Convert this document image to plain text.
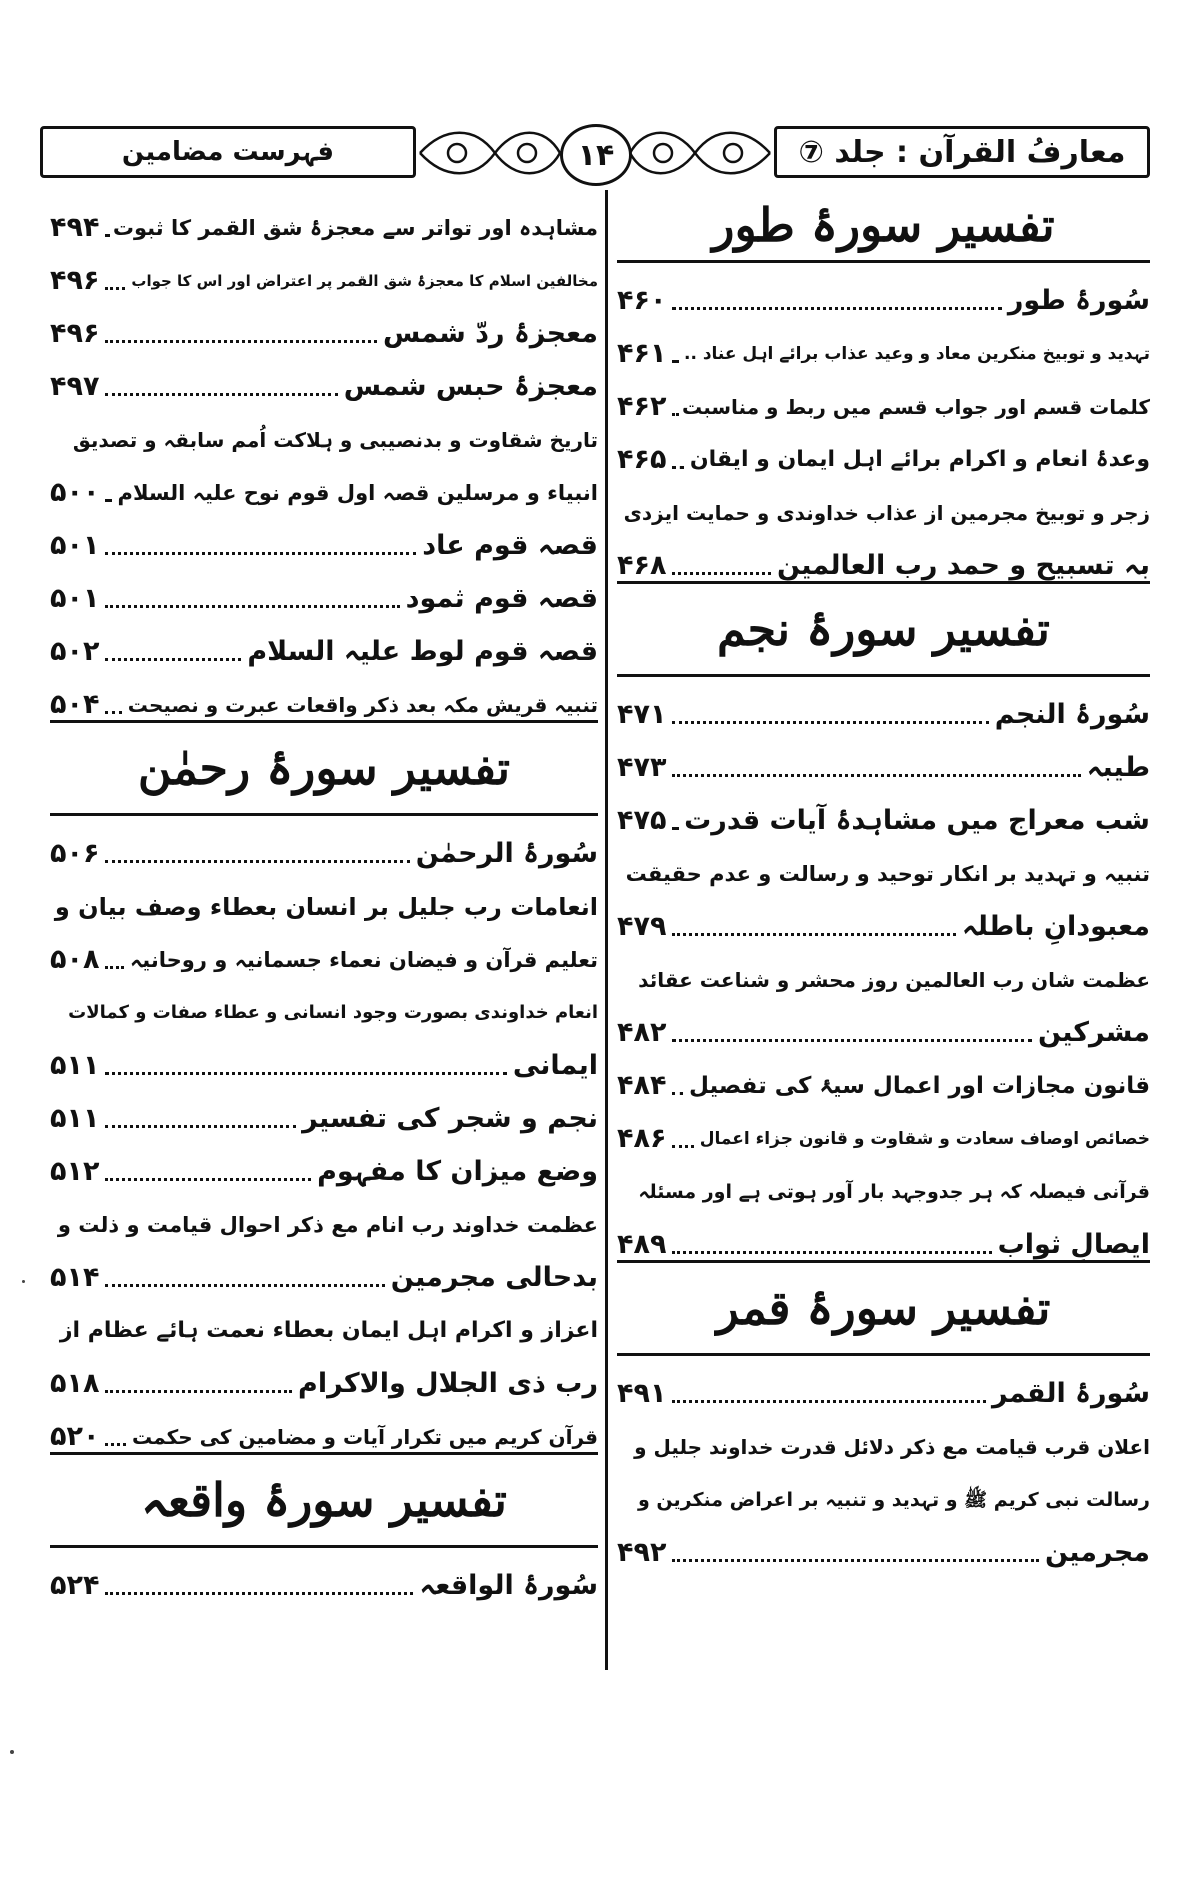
فہرست مضامین	۱۴	معارفُ القرآن : جلد ⑦
تفسیر سورۂ طور
سُورۂ طور
۴۶۰
تہدید و توبیخ منکرین معاد و وعید عذاب برائے اہل عناد ..
۴۶۱
کلمات قسم اور جواب قسم میں ربط و مناسبت
۴۶۲
وعدۂ انعام و اکرام برائے اہل ایمان و ایقان
۴۶۵
زجر و توبیخ مجرمین از عذاب خداوندی و حمایت ایزدی
بہ تسبیح و حمد رب العالمین
۴۶۸
تفسیر سورۂ نجم
سُورۂ النجم
۴۷۱
طیبہ
۴۷۳
شب معراج میں مشاہدۂ آیات قدرت
۴۷۵
تنبیہ و تہدید بر انکار توحید و رسالت و عدم حقیقت
معبودانِ باطلہ
۴۷۹
عظمت شان رب العالمین روز محشر و شناعت عقائد
مشرکین
۴۸۲
قانون مجازات اور اعمال سیۂ کی تفصیل
۴۸۴
خصائص اوصاف سعادت و شقاوت و قانون جزاء اعمال
۴۸۶
قرآنی فیصلہ کہ ہر جدوجہد بار آور ہوتی ہے اور مسئلہ
ایصالِ ثواب
۴۸۹
تفسیر سورۂ قمر
سُورۂ القمر
۴۹۱
اعلان قرب قیامت مع ذکر دلائل قدرت خداوند جلیل و
رسالت نبی کریم ﷺ و تہدید و تنبیہ بر اعراض منکرین و
مجرمین
۴۹۲
مشاہدہ اور تواتر سے معجزۂ شق القمر کا ثبوت
۴۹۴
مخالفین اسلام کا معجزۂ شق القمر پر اعتراض اور اس کا جواب
۴۹۶
معجزۂ ردّ شمس
۴۹۶
معجزۂ حبس شمس
۴۹۷
تاریخ شقاوت و بدنصیبی و ہلاکت اُمم سابقہ و تصدیق
انبیاء و مرسلین قصہ اول قوم نوح علیہ السلام
۵۰۰
قصہ قوم عاد
۵۰۱
قصہ قوم ثمود
۵۰۱
قصہ قوم لوط علیہ السلام
۵۰۲
تنبیہ قریش مکہ بعد ذکر واقعات عبرت و نصیحت
۵۰۴
تفسیر سورۂ رحمٰن
سُورۂ الرحمٰن
۵۰۶
انعامات رب جلیل بر انسان بعطاء وصف بیان و
تعلیم قرآن و فیضان نعماء جسمانیہ و روحانیہ
۵۰۸
انعام خداوندی بصورت وجود انسانی و عطاء صفات و کمالات
ایمانی
۵۱۱
نجم و شجر کی تفسیر
۵۱۱
وضع میزان کا مفہوم
۵۱۲
عظمت خداوند رب انام مع ذکر احوال قیامت و ذلت و
بدحالی مجرمین
۵۱۴
اعزاز و اکرام اہل ایمان بعطاء نعمت ہائے عظام از
رب ذی الجلال والاکرام
۵۱۸
قرآن کریم میں تکرار آیات و مضامین کی حکمت
۵۲۰
تفسیر سورۂ واقعہ
سُورۂ الواقعہ
۵۲۴
